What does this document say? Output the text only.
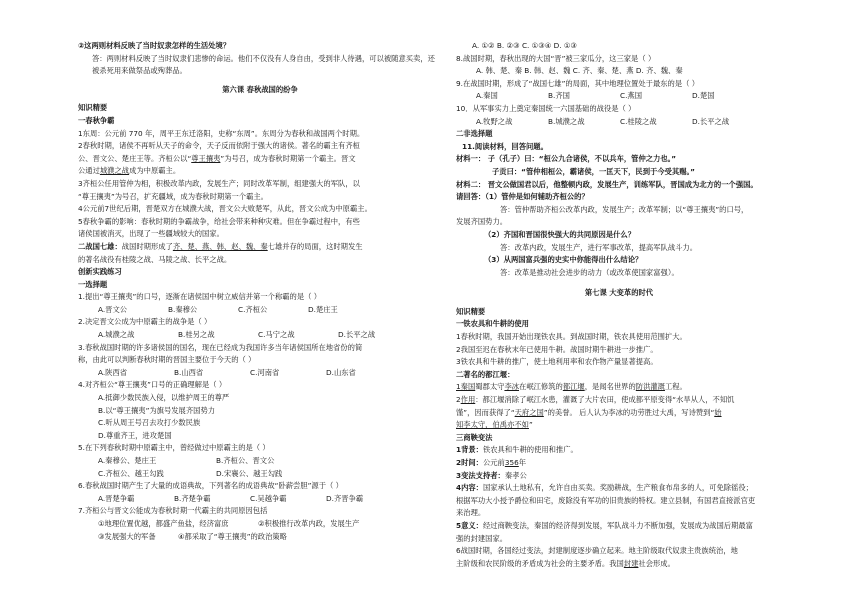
②这两则材料反映了当时奴隶怎样的生活处境？
答：两则材料反映了当时奴隶们悲惨的命运。他们不仅没有人身自由，受到非人待遇，可以被随意买卖，还被杀死用来做祭品或殉葬品。
第六课 春秋战国的纷争
知识精要
一春秋争霸
1东周：公元前 770 年，周平王东迁洛阳，史称“东周”。东周分为春秋和战国两个时期。
2春秋时期，诸侯不再听从天子的命令，天子反而依附于强大的诸侯。著名的霸主有齐桓
公、晋文公、楚庄王等。齐桓公以“尊王攘夷”为号召，成为春秋时期第一个霸主。晋文
公通过城濮之战成为中原霸主。
3齐桓公任用管仲为相，积极改革内政，发展生产；同时改革军制，组建强大的军队，以
“尊王攘夷”为号召，扩充疆域，成为春秋时期第一个霸主。
4公元前7世纪后期，晋楚双方在城濮大战，晋文公大败楚军，从此，晋文公成为中原霸主。
5春秋争霸的影响：春秋时期的争霸战争，给社会带来种种灾难。但在争霸过程中，有些
诸侯国被消灭，出现了一些疆域较大的国家。
二战国七雄：战国时期形成了齐、楚、燕、韩、赵、魏、秦七雄并存的局面，这时期发生
的著名战役有桂陵之战、马陵之战、长平之战。
创新实践练习
一选择题
1.提出“尊王攘夷”的口号，逐渐在诸侯国中树立威信并第一个称霸的是（ ）
A.晋文公	B.秦穆公	C.齐桓公	D.楚庄王
2.决定晋文公成为中原霸主的战争是（ ）
A.城濮之战	B.桂另之战	C.马宁之战	D.长平之战
3.春秋战国时期的许多诸侯国的国名，现在已经成为我国许多当年诸侯国所在地省份的简
称，由此可以判断春秋时期的晋国主要位于今天的（ ）
A.陕西省	B.山西省	C.河南省	D.山东省
4.对齐桓公“尊王攘夷”口号的正确理解是（ ）
A.抵御少数民族入侵，以维护周王的尊严
B.以“尊王攘夷”为旗号发展齐国势力
C.听从周王号召去攻打少数民族
D.尊重齐王，进攻楚国
5.在下列春秋时期中原霸主中，曾经做过中原霸主的是（ ）
A.秦穆公、楚庄王	B.齐桓公、晋文公
C.齐桓公、越王勾践	D.宋襄公、越王勾践
6.春秋战国时期产生了大量的成语典故，下列著名的成语典故“卧薪尝胆”源于（ ）
A.晋楚争霸	B.齐楚争霸	C.吴越争霸	D.齐晋争霸
7.齐桓公与晋文公能成为春秋时期一代霸主的共同原因包括
①地理位置优越，都盛产鱼盐，经济富庶	②积极推行改革内政，发展生产
③发展强大的军备	④都采取了“尊王攘夷”的政治策略
A. ①② B. ②③ C. ①③④ D. ①③
8.战国时期，春秋出现的大国“晋”被三家瓜分，这三家是（ ）
A. 韩、楚、秦 B. 韩、赵、魏 C. 齐、秦、楚、燕 D. 齐、魏、秦
9.在战国时期，形成了“战国七雄”的局面，其中地理位置处于最东的是（ ）
A.秦国	B.齐国	C.燕国	D.楚国
10．从军事实力上奠定秦国统一六国基础的战役是（ ）
A.牧野之战	B.城濮之战	C.桂陵之战	D.长平之战
二非选择题
11.阅读材料，回答问题。
材料一： 子（孔子）曰：“桓公九合诸侯，不以兵车，管仲之力也。”
子贡曰：“管仲相桓公，霸诸侯，一匡天下，民到于今受其赐。”
材料二： 晋文公做国君以后，他整顿内政，发展生产，训练军队，晋国成为北方的一个强国。
请回答：（1）管仲是如何辅助齐桓公的？
答：管仲帮助齐桓公改革内政，发展生产；改革军制；以“尊王攘夷”的口号，
发展齐国势力。
（2）齐国和晋国很快强大的共同原因是什么？
答：改革内政，发展生产，进行军事改革，提高军队战斗力。
（3）从两国富兵强的史实中你能得出什么结论？
答：改革是推动社会进步的动力（或改革使国家富强）。
第七课 大变革的时代
知识精要
一铁农具和牛耕的使用
1春秋时期，我国开始出现铁农具。到战国时期，铁农具使用范围扩大。
2我国至迟在春秋末年已使用牛耕。战国时期牛耕进一步推广。
3铁农具和牛耕的推广，使土地利用率和农作物产量显著提高。
二著名的都江堰：
1秦国蜀郡太守李冰在岷江修筑的都江堰，是闻名世界的防洪灌溉工程。
2作用：都江堰消除了岷江水患，灌溉了大片农田，使成都平原变得“水旱从人，不知饥
馑”，因而获得了“天府之国”的美誉。 后人认为李冰的功劳胜过大禹，写诗赞到“始
知李太守，伯禹亦不如”
三商鞅变法
1背景：铁农具和牛耕的使用和推广。
2时间：公元前356年
3变法支持者：秦孝公
4内容：国家承认土地私有，允许自由买卖。奖励耕战，生产粮食布帛多的人，可免除徭役；
根据军功大小授予爵位和田宅，废除没有军功的旧贵族的特权。建立县制，有国君直接派官吏
来治理。
5意义：经过商鞅变法，秦国的经济得到发展，军队战斗力不断加强，发展成为战国后期最富
强的封建国家。
6战国时期，各国经过变法，封建制度逐步确立起来。地主阶级取代奴隶主贵族统治，地
主阶级和农民阶级的矛盾成为社会的主要矛盾。我国封建社会形成。
